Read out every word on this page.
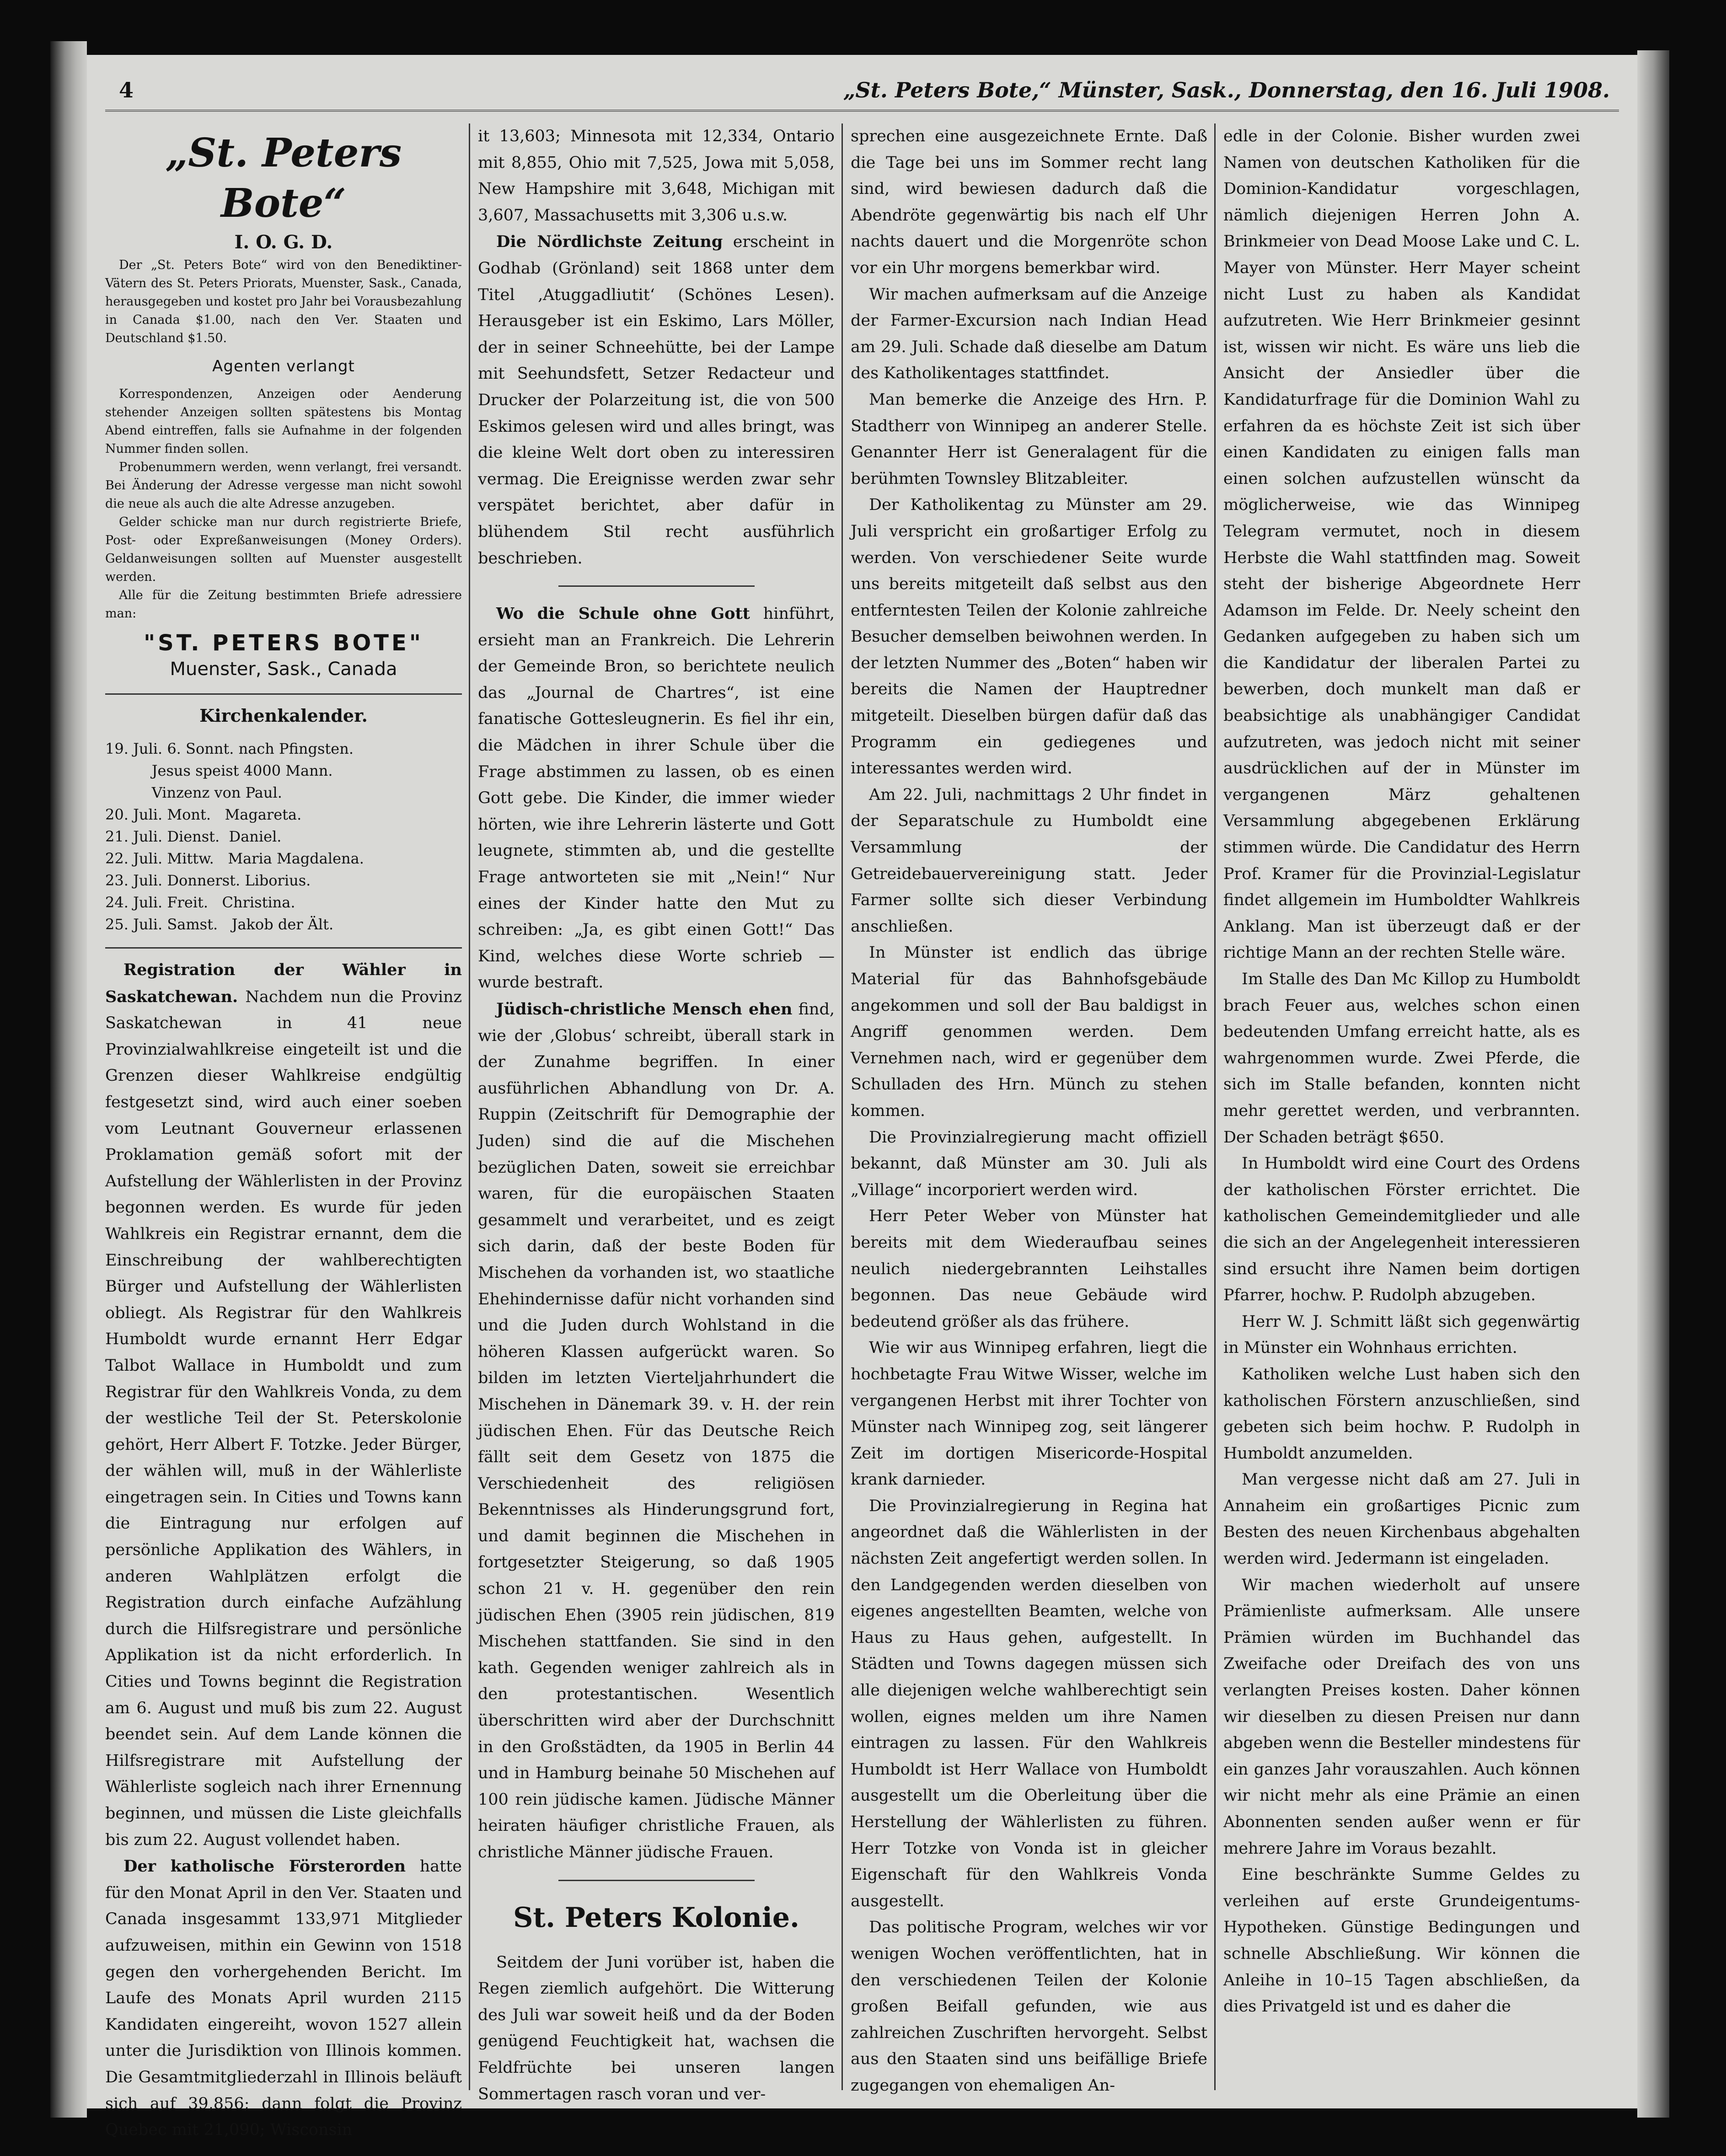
4	„St. Peters Bote,“ Münster, Sask., Donnerstag, den 16. Juli 1908.
„St. Peters Bote“
I. O. G. D.

Der „St. Peters Bote“ wird von den Benediktiner-Vätern des St. Peters Priorats, Muenster, Sask., Canada, herausgegeben und kostet pro Jahr bei Vorausbezahlung in Canada $1.00, nach den Ver. Staaten und Deutschland $1.50.

Agenten verlangt

Korrespondenzen, Anzeigen oder Aenderung stehender Anzeigen sollten spätestens bis Montag Abend eintreffen, falls sie Aufnahme in der folgenden Nummer finden sollen.

Probenummern werden, wenn verlangt, frei versandt. Bei Änderung der Adresse vergesse man nicht sowohl die neue als auch die alte Adresse anzugeben.

Gelder schicke man nur durch registrierte Briefe, Post- oder Expreßanweisungen (Money Orders). Geldanweisungen sollten auf Muenster ausgestellt werden.

Alle für die Zeitung bestimmten Briefe adressiere man:

"ST. PETERS BOTE"
Muenster, Sask., Canada
Kirchenkalender.
19. Juli. 6. Sonnt. nach Pfingsten.
Jesus speist 4000 Mann.
Vinzenz von Paul.
20. Juli. Mont.   Magareta.
21. Juli. Dienst.  Daniel.
22. Juli. Mittw.   Maria Magdalena.
23. Juli. Donnerst. Liborius.
24. Juli. Freit.   Christina.
25. Juli. Samst.   Jakob der Ält.

Registration der Wähler in Saskatchewan. Nachdem nun die Provinz Saskatchewan in 41 neue Provinzialwahlkreise eingeteilt ist und die Grenzen dieser Wahlkreise endgültig festgesetzt sind, wird auch einer soeben vom Leutnant Gouverneur erlassenen Proklamation gemäß sofort mit der Aufstellung der Wählerlisten in der Provinz begonnen werden. Es wurde für jeden Wahlkreis ein Registrar ernannt, dem die Einschreibung der wahlberechtigten Bürger und Aufstellung der Wählerlisten obliegt. Als Registrar für den Wahlkreis Humboldt wurde ernannt Herr Edgar Talbot Wallace in Humboldt und zum Registrar für den Wahlkreis Vonda, zu dem der westliche Teil der St. Peterskolonie gehört, Herr Albert F. Totzke. Jeder Bürger, der wählen will, muß in der Wählerliste eingetragen sein. In Cities und Towns kann die Eintragung nur erfolgen auf persönliche Applikation des Wählers, in anderen Wahlplätzen erfolgt die Registration durch einfache Aufzählung durch die Hilfsregistrare und persönliche Applikation ist da nicht erforderlich. In Cities und Towns beginnt die Registration am 6. August und muß bis zum 22. August beendet sein. Auf dem Lande können die Hilfsregistrare mit Aufstellung der Wählerliste sogleich nach ihrer Ernennung beginnen, und müssen die Liste gleichfalls bis zum 22. August vollendet haben.

Der katholische Försterorden hatte für den Monat April in den Ver. Staaten und Canada insgesammt 133,971 Mitglieder aufzuweisen, mithin ein Gewinn von 1518 gegen den vorhergehenden Bericht. Im Laufe des Monats April wurden 2115 Kandidaten eingereiht, wovon 1527 allein unter die Jurisdiktion von Illinois kommen. Die Gesamtmitgliederzahl in Illinois beläuft sich auf 39,856; dann folgt die Provinz Quebec mit 21,090; Wisconsin

it 13,603; Minnesota mit 12,334, Ontario mit 8,855, Ohio mit 7,525, Jowa mit 5,058, New Hampshire mit 3,648, Michigan mit 3,607, Massachusetts mit 3,306 u.s.w.

Die Nördlichste Zeitung erscheint in Godhab (Grönland) seit 1868 unter dem Titel ‚Atuggadliutit‘ (Schönes Lesen). Herausgeber ist ein Eskimo, Lars Möller, der in seiner Schneehütte, bei der Lampe mit Seehundsfett, Setzer Redacteur und Drucker der Polarzeitung ist, die von 500 Eskimos gelesen wird und alles bringt, was die kleine Welt dort oben zu interessiren vermag. Die Ereignisse werden zwar sehr verspätet berichtet, aber dafür in blühendem Stil recht ausführlich beschrieben.

Wo die Schule ohne Gott hinführt, ersieht man an Frankreich. Die Lehrerin der Gemeinde Bron, so berichtete neulich das „Journal de Chartres“, ist eine fanatische Gottesleugnerin. Es fiel ihr ein, die Mädchen in ihrer Schule über die Frage abstimmen zu lassen, ob es einen Gott gebe. Die Kinder, die immer wieder hörten, wie ihre Lehrerin lästerte und Gott leugnete, stimmten ab, und die gestellte Frage antworteten sie mit „Nein!“ Nur eines der Kinder hatte den Mut zu schreiben: „Ja, es gibt einen Gott!“ Das Kind, welches diese Worte schrieb — wurde bestraft.

Jüdisch-christliche Mensch ehen find, wie der ‚Globus‘ schreibt, überall stark in der Zunahme begriffen. In einer ausführlichen Abhandlung von Dr. A. Ruppin (Zeitschrift für Demographie der Juden) sind die auf die Mischehen bezüglichen Daten, soweit sie erreichbar waren, für die europäischen Staaten gesammelt und verarbeitet, und es zeigt sich darin, daß der beste Boden für Mischehen da vorhanden ist, wo staatliche Ehehindernisse dafür nicht vorhanden sind und die Juden durch Wohlstand in die höheren Klassen aufgerückt waren. So bilden im letzten Vierteljahrhundert die Mischehen in Dänemark 39. v. H. der rein jüdischen Ehen. Für das Deutsche Reich fällt seit dem Gesetz von 1875 die Verschiedenheit des religiösen Bekenntnisses als Hinderungsgrund fort, und damit beginnen die Mischehen in fortgesetzter Steigerung, so daß 1905 schon 21 v. H. gegenüber den rein jüdischen Ehen (3905 rein jüdischen, 819 Mischehen stattfanden. Sie sind in den kath. Gegenden weniger zahlreich als in den protestantischen. Wesentlich überschritten wird aber der Durchschnitt in den Großstädten, da 1905 in Berlin 44 und in Hamburg beinahe 50 Mischehen auf 100 rein jüdische kamen. Jüdische Männer heiraten häufiger christliche Frauen, als christliche Männer jüdische Frauen.

St. Peters Kolonie.

Seitdem der Juni vorüber ist, haben die Regen ziemlich aufgehört. Die Witterung des Juli war soweit heiß und da der Boden genügend Feuchtigkeit hat, wachsen die Feldfrüchte bei unseren langen Sommertagen rasch voran und ver-

sprechen eine ausgezeichnete Ernte. Daß die Tage bei uns im Sommer recht lang sind, wird bewiesen dadurch daß die Abendröte gegenwärtig bis nach elf Uhr nachts dauert und die Morgenröte schon vor ein Uhr morgens bemerkbar wird.

Wir machen aufmerksam auf die Anzeige der Farmer-Excursion nach Indian Head am 29. Juli. Schade daß dieselbe am Datum des Katholikentages stattfindet.

Man bemerke die Anzeige des Hrn. P. Stadtherr von Winnipeg an anderer Stelle. Genannter Herr ist Generalagent für die berühmten Townsley Blitzableiter.

Der Katholikentag zu Münster am 29. Juli verspricht ein großartiger Erfolg zu werden. Von verschiedener Seite wurde uns bereits mitgeteilt daß selbst aus den entferntesten Teilen der Kolonie zahlreiche Besucher demselben beiwohnen werden. In der letzten Nummer des „Boten“ haben wir bereits die Namen der Hauptredner mitgeteilt. Dieselben bürgen dafür daß das Programm ein gediegenes und interessantes werden wird.

Am 22. Juli, nachmittags 2 Uhr findet in der Separatschule zu Humboldt eine Versammlung der Getreidebauervereinigung statt. Jeder Farmer sollte sich dieser Verbindung anschließen.

In Münster ist endlich das übrige Material für das Bahnhofsgebäude angekommen und soll der Bau baldigst in Angriff genommen werden. Dem Vernehmen nach, wird er gegenüber dem Schulladen des Hrn. Münch zu stehen kommen.

Die Provinzialregierung macht offiziell bekannt, daß Münster am 30. Juli als „Village“ incorporiert werden wird.

Herr Peter Weber von Münster hat bereits mit dem Wiederaufbau seines neulich niedergebrannten Leihstalles begonnen. Das neue Gebäude wird bedeutend größer als das frühere.

Wie wir aus Winnipeg erfahren, liegt die hochbetagte Frau Witwe Wisser, welche im vergangenen Herbst mit ihrer Tochter von Münster nach Winnipeg zog, seit längerer Zeit im dortigen Misericorde-Hospital krank darnieder.

Die Provinzialregierung in Regina hat angeordnet daß die Wählerlisten in der nächsten Zeit angefertigt werden sollen. In den Landgegenden werden dieselben von eigenes angestellten Beamten, welche von Haus zu Haus gehen, aufgestellt. In Städten und Towns dagegen müssen sich alle diejenigen welche wahlberechtigt sein wollen, eignes melden um ihre Namen eintragen zu lassen. Für den Wahlkreis Humboldt ist Herr Wallace von Humboldt ausgestellt um die Oberleitung über die Herstellung der Wählerlisten zu führen. Herr Totzke von Vonda ist in gleicher Eigenschaft für den Wahlkreis Vonda ausgestellt.

Das politische Program, welches wir vor wenigen Wochen veröffentlichten, hat in den verschiedenen Teilen der Kolonie großen Beifall gefunden, wie aus zahlreichen Zuschriften hervorgeht. Selbst aus den Staaten sind uns beifällige Briefe zugegangen von ehemaligen An-

edle in der Colonie. Bisher wurden zwei Namen von deutschen Katholiken für die Dominion-Kandidatur vorgeschlagen, nämlich diejenigen Herren John A. Brinkmeier von Dead Moose Lake und C. L. Mayer von Münster. Herr Mayer scheint nicht Lust zu haben als Kandidat aufzutreten. Wie Herr Brinkmeier gesinnt ist, wissen wir nicht. Es wäre uns lieb die Ansicht der Ansiedler über die Kandidaturfrage für die Dominion Wahl zu erfahren da es höchste Zeit ist sich über einen Kandidaten zu einigen falls man einen solchen aufzustellen wünscht da möglicherweise, wie das Winnipeg Telegram vermutet, noch in diesem Herbste die Wahl stattfinden mag. Soweit steht der bisherige Abgeordnete Herr Adamson im Felde. Dr. Neely scheint den Gedanken aufgegeben zu haben sich um die Kandidatur der liberalen Partei zu bewerben, doch munkelt man daß er beabsichtige als unabhängiger Candidat aufzutreten, was jedoch nicht mit seiner ausdrücklichen auf der in Münster im vergangenen März gehaltenen Versammlung abgegebenen Erklärung stimmen würde. Die Candidatur des Herrn Prof. Kramer für die Provinzial-Legislatur findet allgemein im Humboldter Wahlkreis Anklang. Man ist überzeugt daß er der richtige Mann an der rechten Stelle wäre.

Im Stalle des Dan Mc Killop zu Humboldt brach Feuer aus, welches schon einen bedeutenden Umfang erreicht hatte, als es wahrgenommen wurde. Zwei Pferde, die sich im Stalle befanden, konnten nicht mehr gerettet werden, und verbrannten. Der Schaden beträgt $650.

In Humboldt wird eine Court des Ordens der katholischen Förster errichtet. Die katholischen Gemeindemitglieder und alle die sich an der Angelegenheit interessieren sind ersucht ihre Namen beim dortigen Pfarrer, hochw. P. Rudolph abzugeben.

Herr W. J. Schmitt läßt sich gegenwärtig in Münster ein Wohnhaus errichten.

Katholiken welche Lust haben sich den katholischen Förstern anzuschließen, sind gebeten sich beim hochw. P. Rudolph in Humboldt anzumelden.

Man vergesse nicht daß am 27. Juli in Annaheim ein großartiges Picnic zum Besten des neuen Kirchenbaus abgehalten werden wird. Jedermann ist eingeladen.

Wir machen wiederholt auf unsere Prämienliste aufmerksam. Alle unsere Prämien würden im Buchhandel das Zweifache oder Dreifach des von uns verlangten Preises kosten. Daher können wir dieselben zu diesen Preisen nur dann abgeben wenn die Besteller mindestens für ein ganzes Jahr vorauszahlen. Auch können wir nicht mehr als eine Prämie an einen Abonnenten senden außer wenn er für mehrere Jahre im Voraus bezahlt.

Eine beschränkte Summe Geldes zu verleihen auf erste Grundeigentums-Hypotheken. Günstige Bedingungen und schnelle Abschließung. Wir können die Anleihe in 10–15 Tagen abschließen, da dies Privatgeld ist und es daher die
